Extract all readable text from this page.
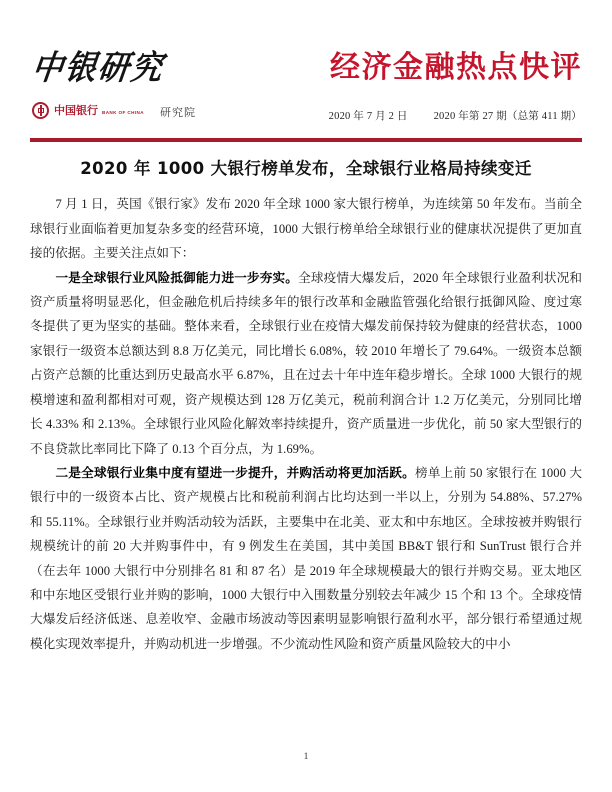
中银研究
中国银行 BANK OF CHINA 研究院
经济金融热点快评
2020 年 7 月 2 日 2020 年第 27 期（总第 411 期）
2020 年 1000 大银行榜单发布，全球银行业格局持续变迁

7 月 1 日，英国《银行家》发布 2020 年全球 1000 家大银行榜单，为连续第 50 年发布。当前全球银行业面临着更加复杂多变的经营环境，1000 大银行榜单给全球银行业的健康状况提供了更加直接的依据。主要关注点如下：

一是全球银行业风险抵御能力进一步夯实。全球疫情大爆发后，2020 年全球银行业盈利状况和资产质量将明显恶化，但金融危机后持续多年的银行改革和金融监管强化给银行抵御风险、度过寒冬提供了更为坚实的基础。整体来看，全球银行业在疫情大爆发前保持较为健康的经营状态，1000 家银行一级资本总额达到 8.8 万亿美元，同比增长 6.08%，较 2010 年增长了 79.64%。一级资本总额占资产总额的比重达到历史最高水平 6.87%，且在过去十年中连年稳步增长。全球 1000 大银行的规模增速和盈利都相对可观，资产规模达到 128 万亿美元，税前利润合计 1.2 万亿美元，分别同比增长 4.33% 和 2.13%。全球银行业风险化解效率持续提升，资产质量进一步优化，前 50 家大型银行的不良贷款比率同比下降了 0.13 个百分点，为 1.69%。

二是全球银行业集中度有望进一步提升，并购活动将更加活跃。榜单上前 50 家银行在 1000 大银行中的一级资本占比、资产规模占比和税前利润占比均达到一半以上，分别为 54.88%、57.27% 和 55.11%。全球银行业并购活动较为活跃，主要集中在北美、亚太和中东地区。全球按被并购银行规模统计的前 20 大并购事件中，有 9 例发生在美国，其中美国 BB&T 银行和 SunTrust 银行合并（在去年 1000 大银行中分别排名 81 和 87 名）是 2019 年全球规模最大的银行并购交易。亚太地区和中东地区受银行业并购的影响，1000 大银行中入围数量分别较去年减少 15 个和 13 个。全球疫情大爆发后经济低迷、息差收窄、金融市场波动等因素明显影响银行盈利水平，部分银行希望通过规模化实现效率提升，并购动机进一步增强。不少流动性风险和资产质量风险较大的中小

1
